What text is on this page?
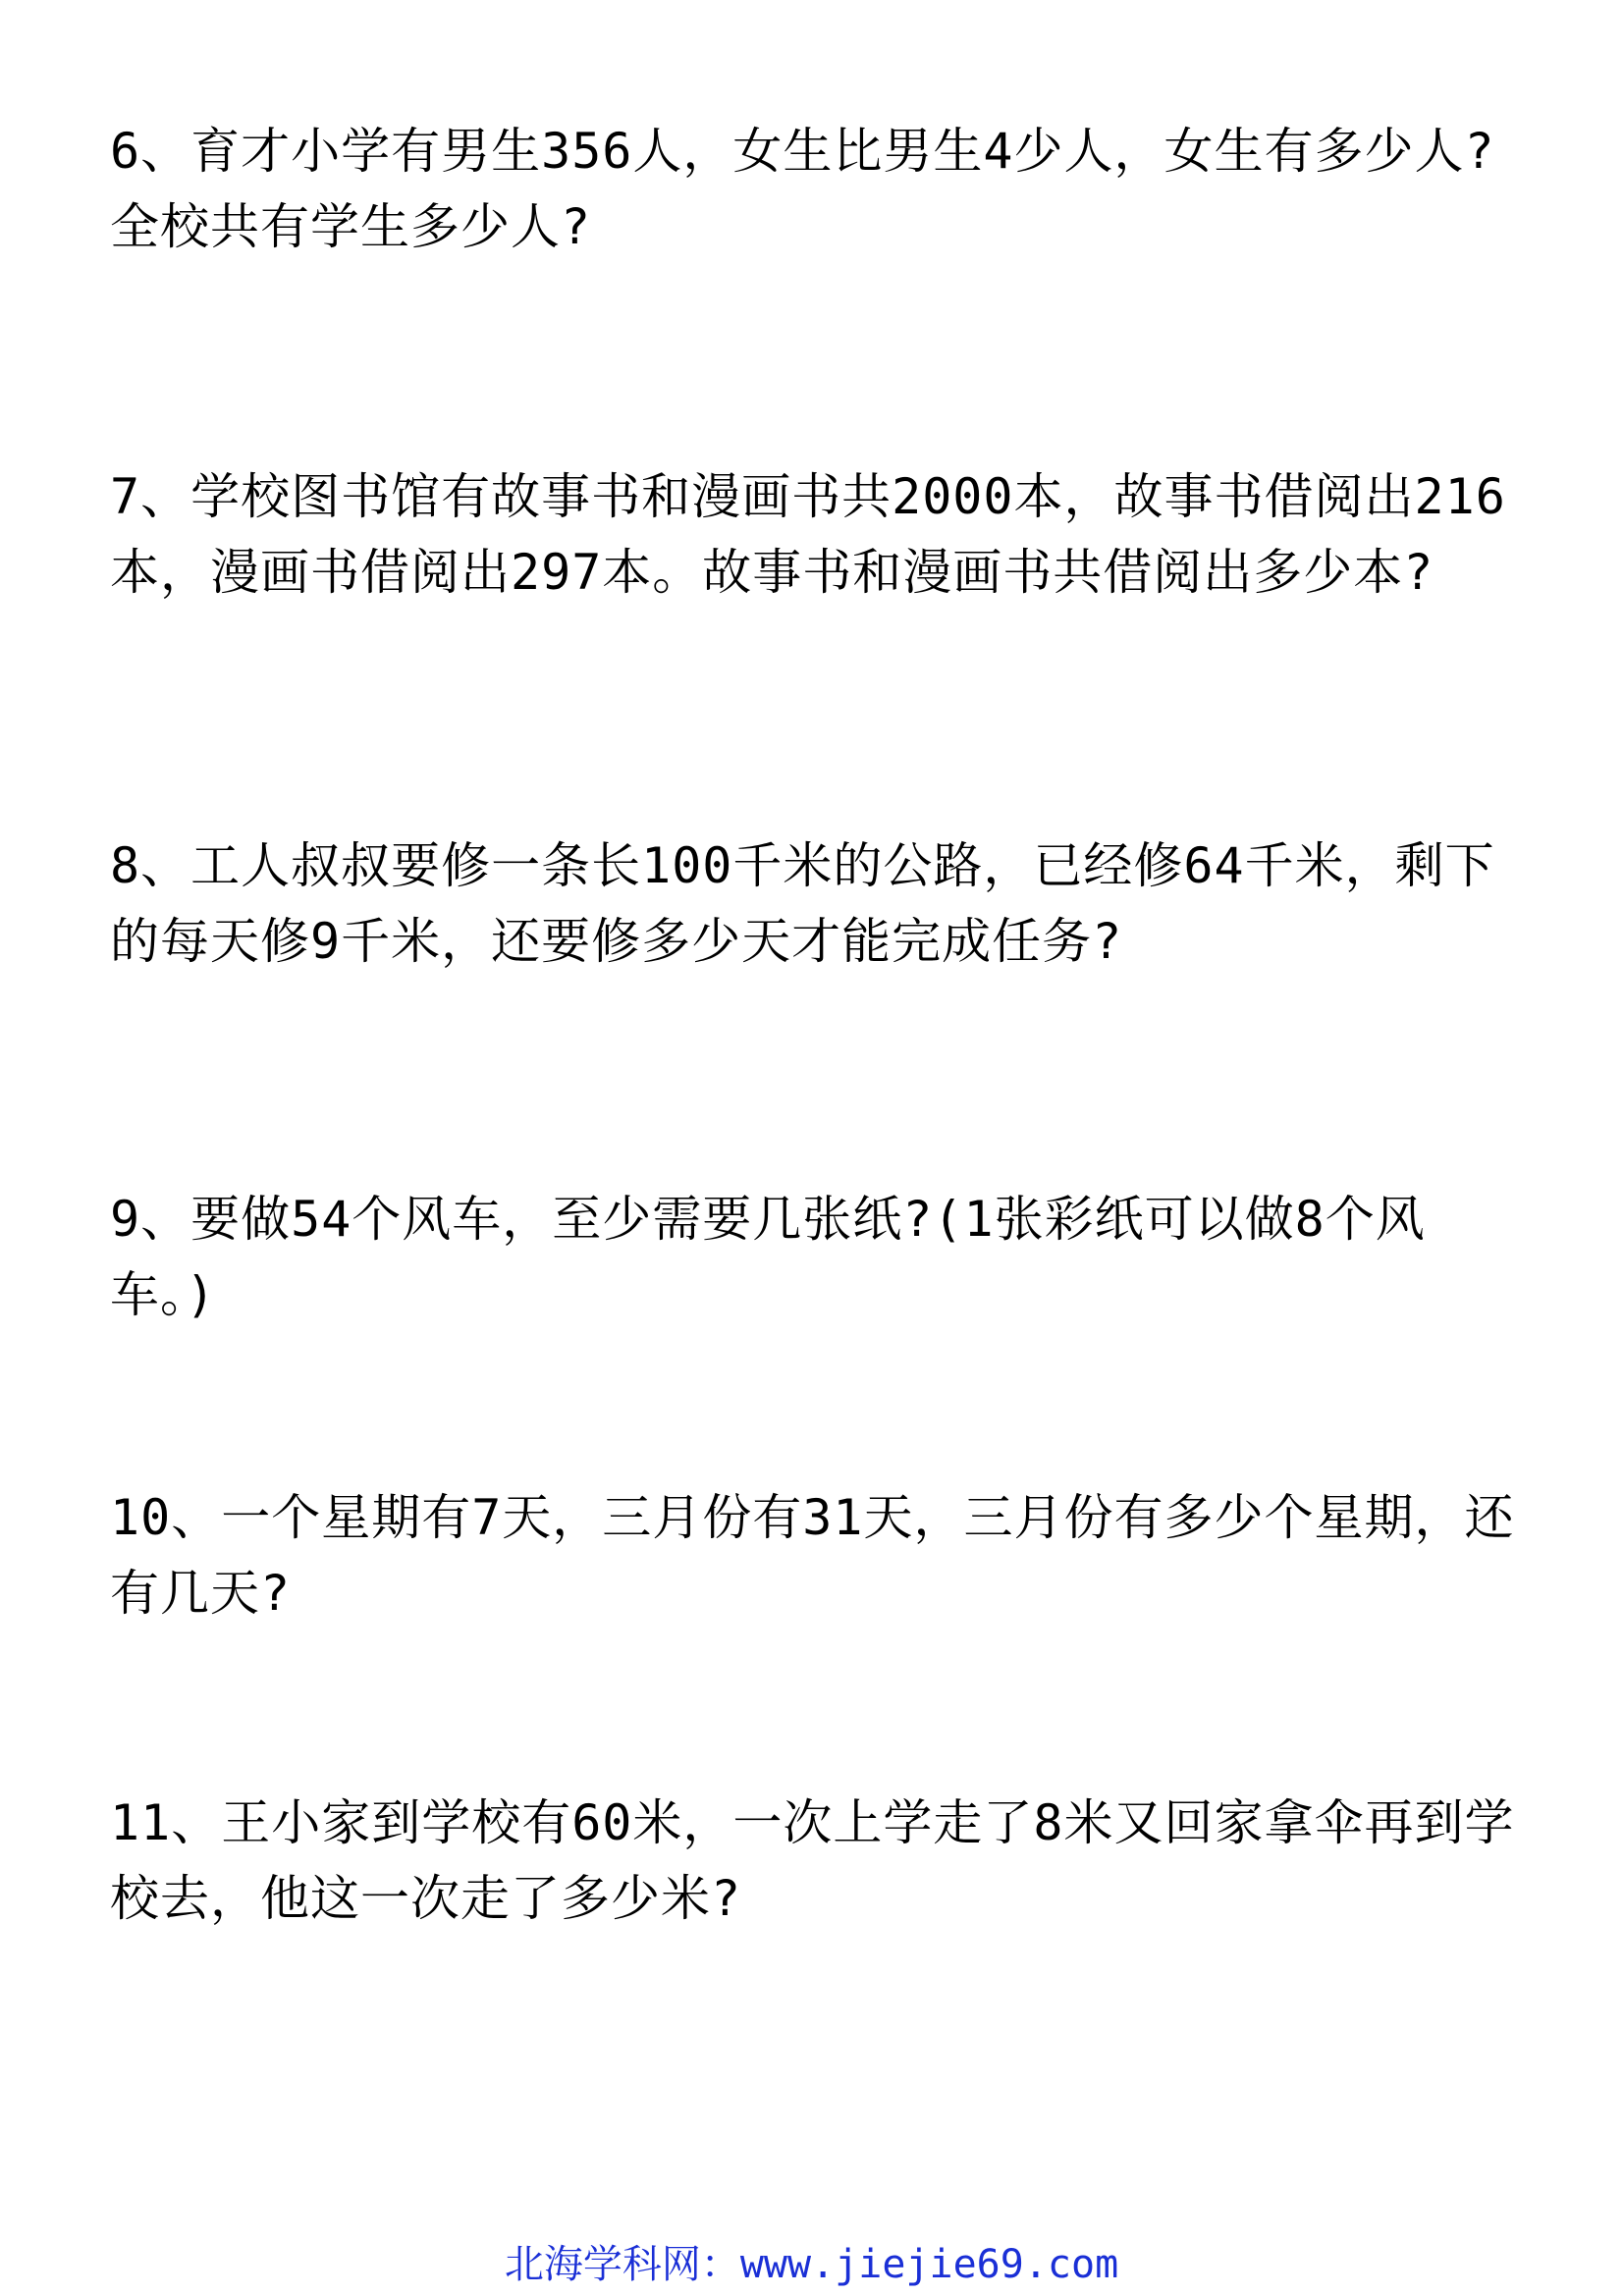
6、育才小学有男生356人，女生比男生4少人，女生有多少人?全校共有学生多少人?

7、学校图书馆有故事书和漫画书共2000本，故事书借阅出216本，漫画书借阅出297本。故事书和漫画书共借阅出多少本?

8、工人叔叔要修一条长100千米的公路，已经修64千米，剩下的每天修9千米，还要修多少天才能完成任务?

9、要做54个风车，至少需要几张纸?(1张彩纸可以做8个风车。)

10、一个星期有7天，三月份有31天，三月份有多少个星期，还有几天?

11、王小家到学校有60米，一次上学走了8米又回家拿伞再到学校去，他这一次走了多少米?

北海学科网：www.jiejie69.com
